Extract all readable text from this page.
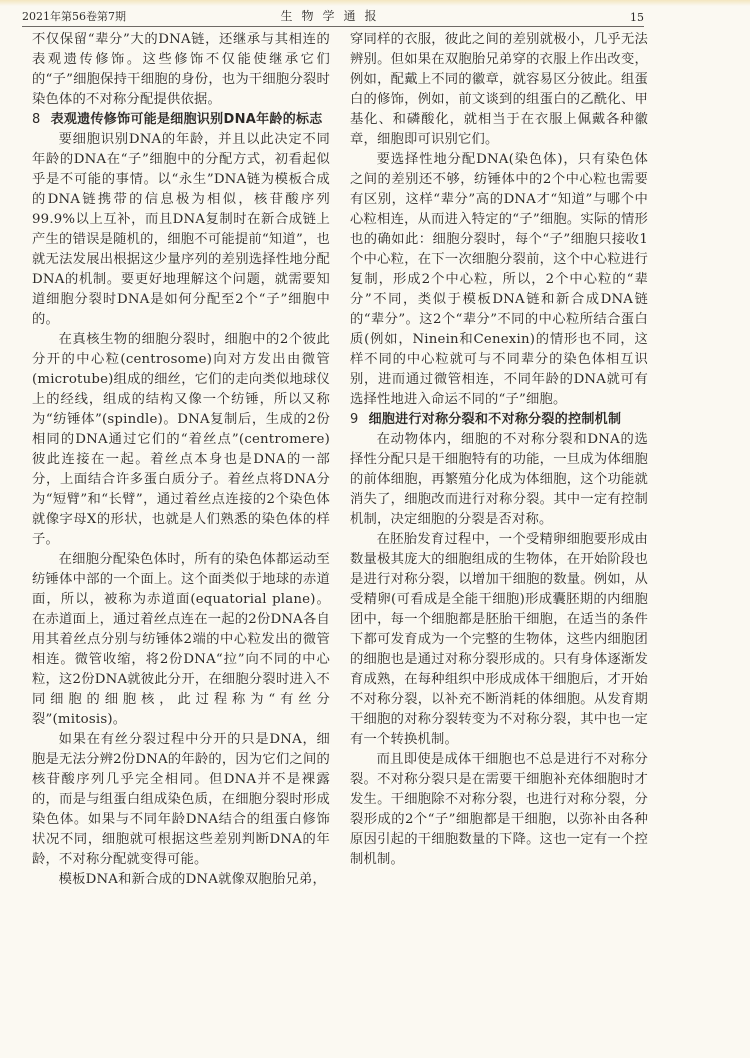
2021年第56卷第7期	生物学通报	15

不仅保留“辈分”大的DNA链，还继承与其相连的表观遗传修饰。这些修饰不仅能使继承它们的“子”细胞保持干细胞的身份，也为干细胞分裂时染色体的不对称分配提供依据。

8 表观遗传修饰可能是细胞识别DNA年龄的标志

要细胞识别DNA的年龄，并且以此决定不同年龄的DNA在“子”细胞中的分配方式，初看起似乎是不可能的事情。以“永生”DNA链为模板合成的DNA链携带的信息极为相似，核苷酸序列99.9%以上互补，而且DNA复制时在新合成链上产生的错误是随机的，细胞不可能提前“知道”，也就无法发展出根据这少量序列的差别选择性地分配DNA的机制。要更好地理解这个问题，就需要知道细胞分裂时DNA是如何分配至2个“子”细胞中的。

在真核生物的细胞分裂时，细胞中的2个彼此分开的中心粒(centrosome)向对方发出由微管(microtube)组成的细丝，它们的走向类似地球仪上的经线，组成的结构又像一个纺锤，所以又称为“纺锤体”(spindle)。DNA复制后，生成的2份相同的DNA通过它们的“着丝点”(centromere)彼此连接在一起。着丝点本身也是DNA的一部分，上面结合许多蛋白质分子。着丝点将DNA分为“短臂”和“长臂”，通过着丝点连接的2个染色体就像字母X的形状，也就是人们熟悉的染色体的样子。

在细胞分配染色体时，所有的染色体都运动至纺锤体中部的一个面上。这个面类似于地球的赤道面，所以，被称为赤道面(equatorial plane)。在赤道面上，通过着丝点连在一起的2份DNA各自用其着丝点分别与纺锤体2端的中心粒发出的微管相连。微管收缩，将2份DNA“拉”向不同的中心粒，这2份DNA就彼此分开，在细胞分裂时进入不同细胞的细胞核，此过程称为“有丝分裂”(mitosis)。

如果在有丝分裂过程中分开的只是DNA，细胞是无法分辨2份DNA的年龄的，因为它们之间的核苷酸序列几乎完全相同。但DNA并不是裸露的，而是与组蛋白组成染色质，在细胞分裂时形成染色体。如果与不同年龄DNA结合的组蛋白修饰状况不同，细胞就可根据这些差别判断DNA的年龄，不对称分配就变得可能。

模板DNA和新合成的DNA就像双胞胎兄弟，

穿同样的衣服，彼此之间的差别就极小，几乎无法辨别。但如果在双胞胎兄弟穿的衣服上作出改变，例如，配戴上不同的徽章，就容易区分彼此。组蛋白的修饰，例如，前文谈到的组蛋白的乙酰化、甲基化、和磷酸化，就相当于在衣服上佩戴各种徽章，细胞即可识别它们。

要选择性地分配DNA(染色体)，只有染色体之间的差别还不够，纺锤体中的2个中心粒也需要有区别，这样“辈分”高的DNA才“知道”与哪个中心粒相连，从而进入特定的“子”细胞。实际的情形也的确如此：细胞分裂时，每个“子”细胞只接收1个中心粒，在下一次细胞分裂前，这个中心粒进行复制，形成2个中心粒，所以，2个中心粒的“辈分”不同，类似于模板DNA链和新合成DNA链的“辈分”。这2个“辈分”不同的中心粒所结合蛋白质(例如，Ninein和Cenexin)的情形也不同，这样不同的中心粒就可与不同辈分的染色体相互识别，进而通过微管相连，不同年龄的DNA就可有选择性地进入命运不同的“子”细胞。

9 细胞进行对称分裂和不对称分裂的控制机制

在动物体内，细胞的不对称分裂和DNA的选择性分配只是干细胞特有的功能，一旦成为体细胞的前体细胞，再繁殖分化成为体细胞，这个功能就消失了，细胞改而进行对称分裂。其中一定有控制机制，决定细胞的分裂是否对称。

在胚胎发育过程中，一个受精卵细胞要形成由数量极其庞大的细胞组成的生物体，在开始阶段也是进行对称分裂，以增加干细胞的数量。例如，从受精卵(可看成是全能干细胞)形成囊胚期的内细胞团中，每一个细胞都是胚胎干细胞，在适当的条件下都可发育成为一个完整的生物体，这些内细胞团的细胞也是通过对称分裂形成的。只有身体逐渐发育成熟，在每种组织中形成成体干细胞后，才开始不对称分裂，以补充不断消耗的体细胞。从发育期干细胞的对称分裂转变为不对称分裂，其中也一定有一个转换机制。

而且即使是成体干细胞也不总是进行不对称分裂。不对称分裂只是在需要干细胞补充体细胞时才发生。干细胞除不对称分裂，也进行对称分裂，分裂形成的2个“子”细胞都是干细胞，以弥补由各种原因引起的干细胞数量的下降。这也一定有一个控制机制。
